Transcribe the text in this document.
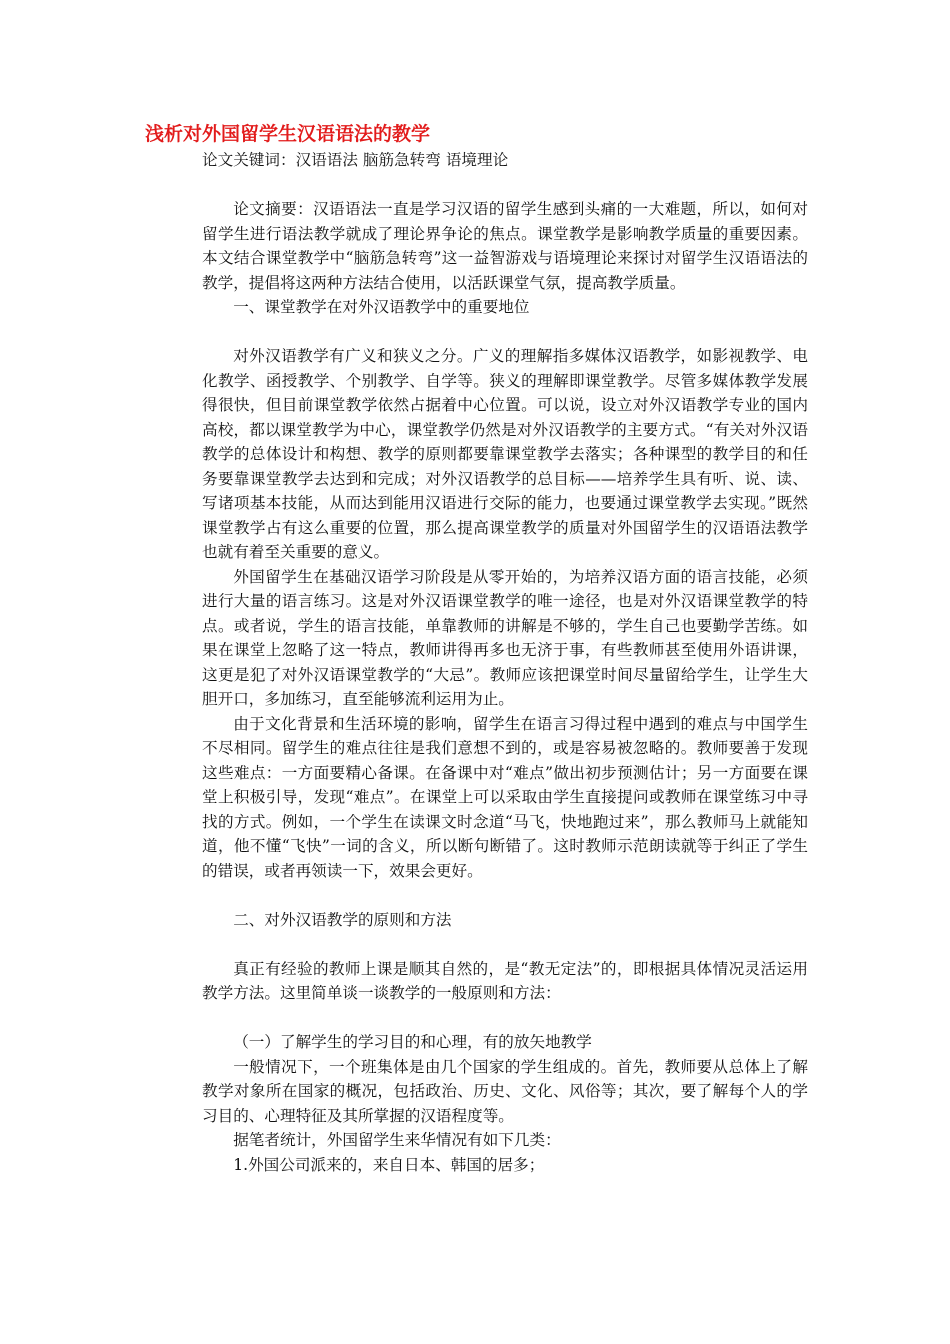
浅析对外国留学生汉语语法的教学
论文关键词：汉语语法 脑筋急转弯 语境理论

论文摘要：汉语语法一直是学习汉语的留学生感到头痛的一大难题，所以，如何对留学生进行语法教学就成了理论界争论的焦点。课堂教学是影响教学质量的重要因素。本文结合课堂教学中“脑筋急转弯”这一益智游戏与语境理论来探讨对留学生汉语语法的教学，提倡将这两种方法结合使用，以活跃课堂气氛，提高教学质量。

一、课堂教学在对外汉语教学中的重要地位

对外汉语教学有广义和狭义之分。广义的理解指多媒体汉语教学，如影视教学、电化教学、函授教学、个别教学、自学等。狭义的理解即课堂教学。尽管多媒体教学发展得很快，但目前课堂教学依然占据着中心位置。可以说，设立对外汉语教学专业的国内高校，都以课堂教学为中心，课堂教学仍然是对外汉语教学的主要方式。“有关对外汉语教学的总体设计和构想、教学的原则都要靠课堂教学去落实；各种课型的教学目的和任务要靠课堂教学去达到和完成；对外汉语教学的总目标——培养学生具有听、说、读、写诸项基本技能，从而达到能用汉语进行交际的能力，也要通过课堂教学去实现。”既然课堂教学占有这么重要的位置，那么提高课堂教学的质量对外国留学生的汉语语法教学也就有着至关重要的意义。

外国留学生在基础汉语学习阶段是从零开始的，为培养汉语方面的语言技能，必须进行大量的语言练习。这是对外汉语课堂教学的唯一途径，也是对外汉语课堂教学的特点。或者说，学生的语言技能，单靠教师的讲解是不够的，学生自己也要勤学苦练。如果在课堂上忽略了这一特点，教师讲得再多也无济于事，有些教师甚至使用外语讲课，这更是犯了对外汉语课堂教学的“大忌”。教师应该把课堂时间尽量留给学生，让学生大胆开口，多加练习，直至能够流利运用为止。

由于文化背景和生活环境的影响，留学生在语言习得过程中遇到的难点与中国学生不尽相同。留学生的难点往往是我们意想不到的，或是容易被忽略的。教师要善于发现这些难点：一方面要精心备课。在备课中对“难点”做出初步预测估计；另一方面要在课堂上积极引导，发现“难点”。在课堂上可以采取由学生直接提问或教师在课堂练习中寻找的方式。例如，一个学生在读课文时念道“马飞，快地跑过来”，那么教师马上就能知道，他不懂“飞快”一词的含义，所以断句断错了。这时教师示范朗读就等于纠正了学生的错误，或者再领读一下，效果会更好。

二、对外汉语教学的原则和方法

真正有经验的教师上课是顺其自然的，是“教无定法”的，即根据具体情况灵活运用教学方法。这里简单谈一谈教学的一般原则和方法：

（一）了解学生的学习目的和心理，有的放矢地教学

一般情况下，一个班集体是由几个国家的学生组成的。首先，教师要从总体上了解教学对象所在国家的概况，包括政治、历史、文化、风俗等；其次，要了解每个人的学习目的、心理特征及其所掌握的汉语程度等。

据笔者统计，外国留学生来华情况有如下几类：

1.外国公司派来的，来自日本、韩国的居多；
